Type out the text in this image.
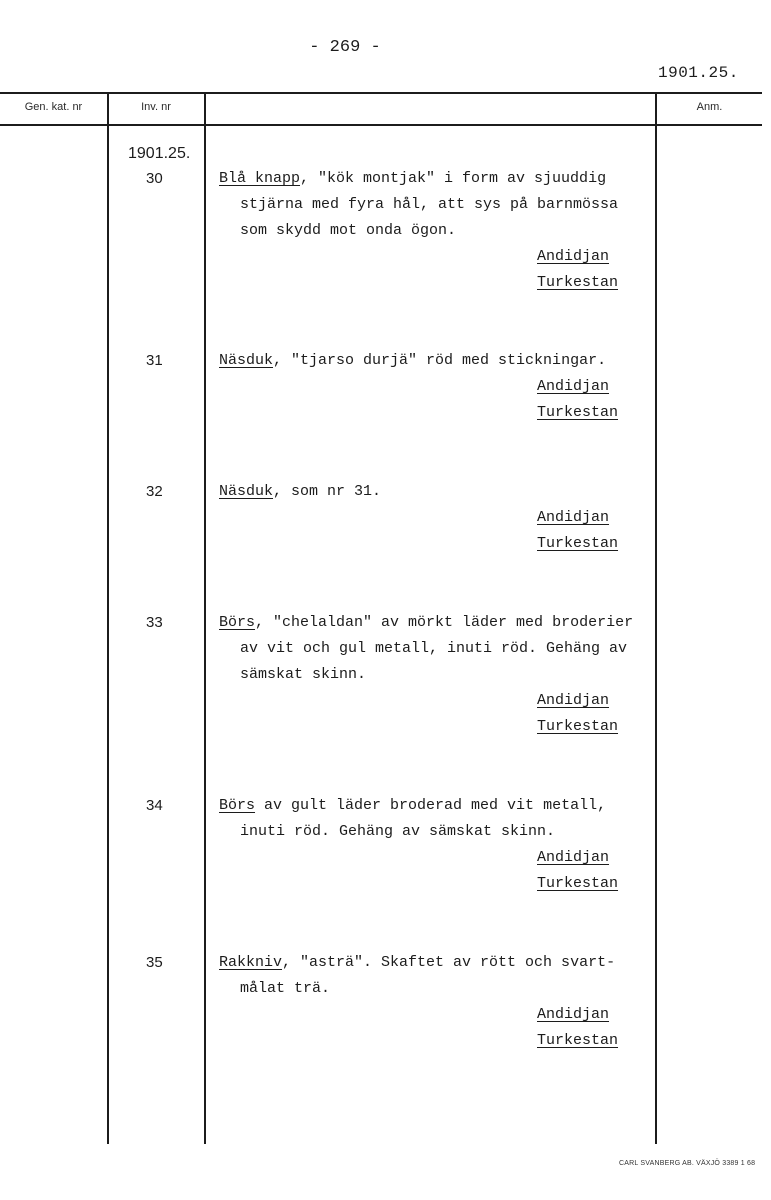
- 269 -
1901.25.
Gen. kat. nr	Inv. nr	Anm.
1901.25.
30	Blå knapp, "kök montjak" i form av sjuuddig
stjärna med fyra hål, att sys på barnmössa
som skydd mot onda ögon.
Andidjan
Turkestan
31	Näsduk, "tjarso durjä" röd med stickningar.
Andidjan
Turkestan
32	Näsduk, som nr 31.
Andidjan
Turkestan
33	Börs, "chelaldan" av mörkt läder med broderier
av vit och gul metall, inuti röd. Gehäng av
sämskat skinn.
Andidjan
Turkestan
34	Börs av gult läder broderad med vit metall,
inuti röd. Gehäng av sämskat skinn.
Andidjan
Turkestan
35	Rakkniv, "asträ". Skaftet av rött och svart-
målat trä.
Andidjan
Turkestan
CARL SVANBERG AB. VÄXJÖ 3389 1 68
